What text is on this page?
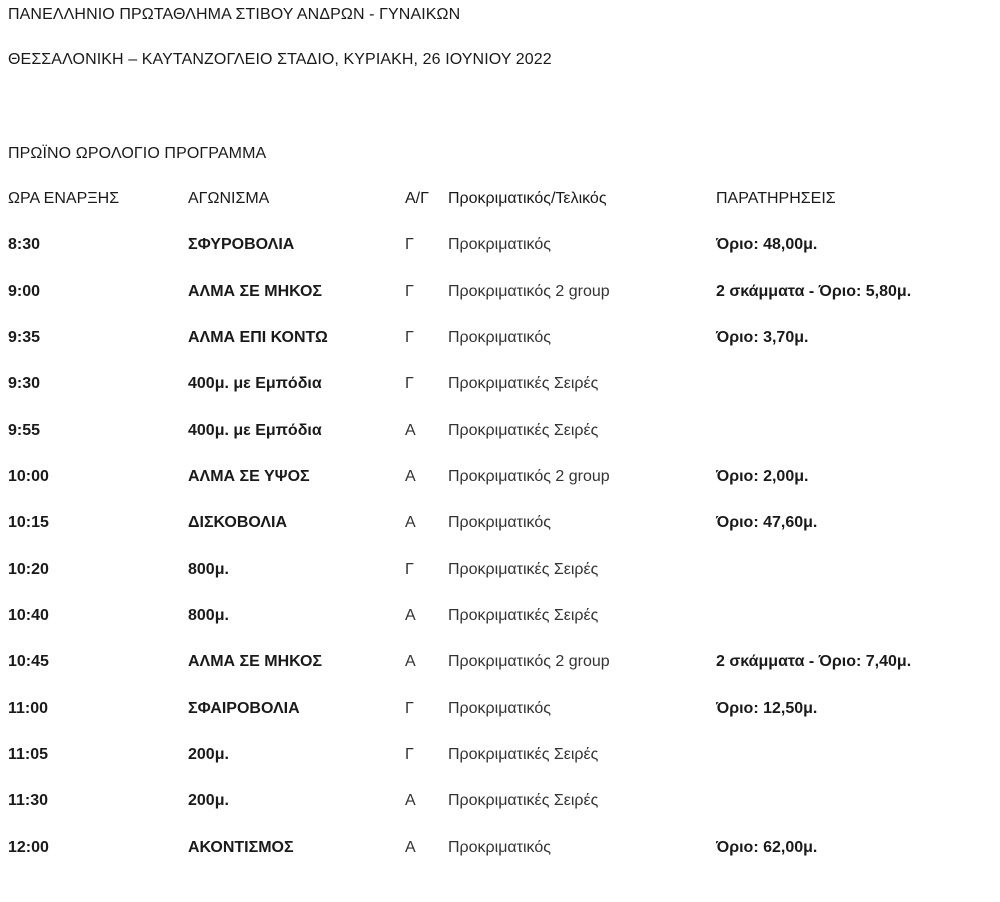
ΠΑΝΕΛΛΗΝΙΟ ΠΡΩΤΑΘΛΗΜΑ ΣΤΙΒΟΥ ΑΝΔΡΩΝ - ΓΥΝΑΙΚΩΝ
ΘΕΣΣΑΛΟΝΙΚΗ – ΚΑΥΤΑΝΖΟΓΛΕΙΟ ΣΤΑΔΙΟ, ΚΥΡΙΑΚΗ, 26 ΙΟΥΝΙΟΥ 2022
ΠΡΩΪΝΟ ΩΡΟΛΟΓΙΟ ΠΡΟΓΡΑΜΜΑ
ΩΡΑ ΕΝΑΡΞΗΣ	ΑΓΩΝΙΣΜΑ	Α/Γ Προκριματικός/Τελικός	ΠΑΡΑΤΗΡΗΣΕΙΣ
8:30	ΣΦΥΡΟΒΟΛΙΑ	Γ Προκριματικός	Όριο: 48,00μ.
9:00	ΑΛΜΑ ΣΕ ΜΗΚΟΣ	Γ Προκριματικός 2 group	2 σκάμματα - Όριο: 5,80μ.
9:35	ΑΛΜΑ ΕΠΙ ΚΟΝΤΩ	Γ Προκριματικός	Όριο: 3,70μ.
9:30	400μ. με Εμπόδια	Γ Προκριματικές Σειρές
9:55	400μ. με Εμπόδια	Α Προκριματικές Σειρές
10:00	ΑΛΜΑ ΣΕ ΥΨΟΣ	Α Προκριματικός 2 group	Όριο: 2,00μ.
10:15	ΔΙΣΚΟΒΟΛΙΑ	Α Προκριματικός	Όριο: 47,60μ.
10:20	800μ.	Γ Προκριματικές Σειρές
10:40	800μ.	Α Προκριματικές Σειρές
10:45	ΑΛΜΑ ΣΕ ΜΗΚΟΣ	Α Προκριματικός 2 group	2 σκάμματα - Όριο: 7,40μ.
11:00	ΣΦΑΙΡΟΒΟΛΙΑ	Γ Προκριματικός	Όριο: 12,50μ.
11:05	200μ.	Γ Προκριματικές Σειρές
11:30	200μ.	Α Προκριματικές Σειρές
12:00	ΑΚΟΝΤΙΣΜΟΣ	Α Προκριματικός	Όριο: 62,00μ.
